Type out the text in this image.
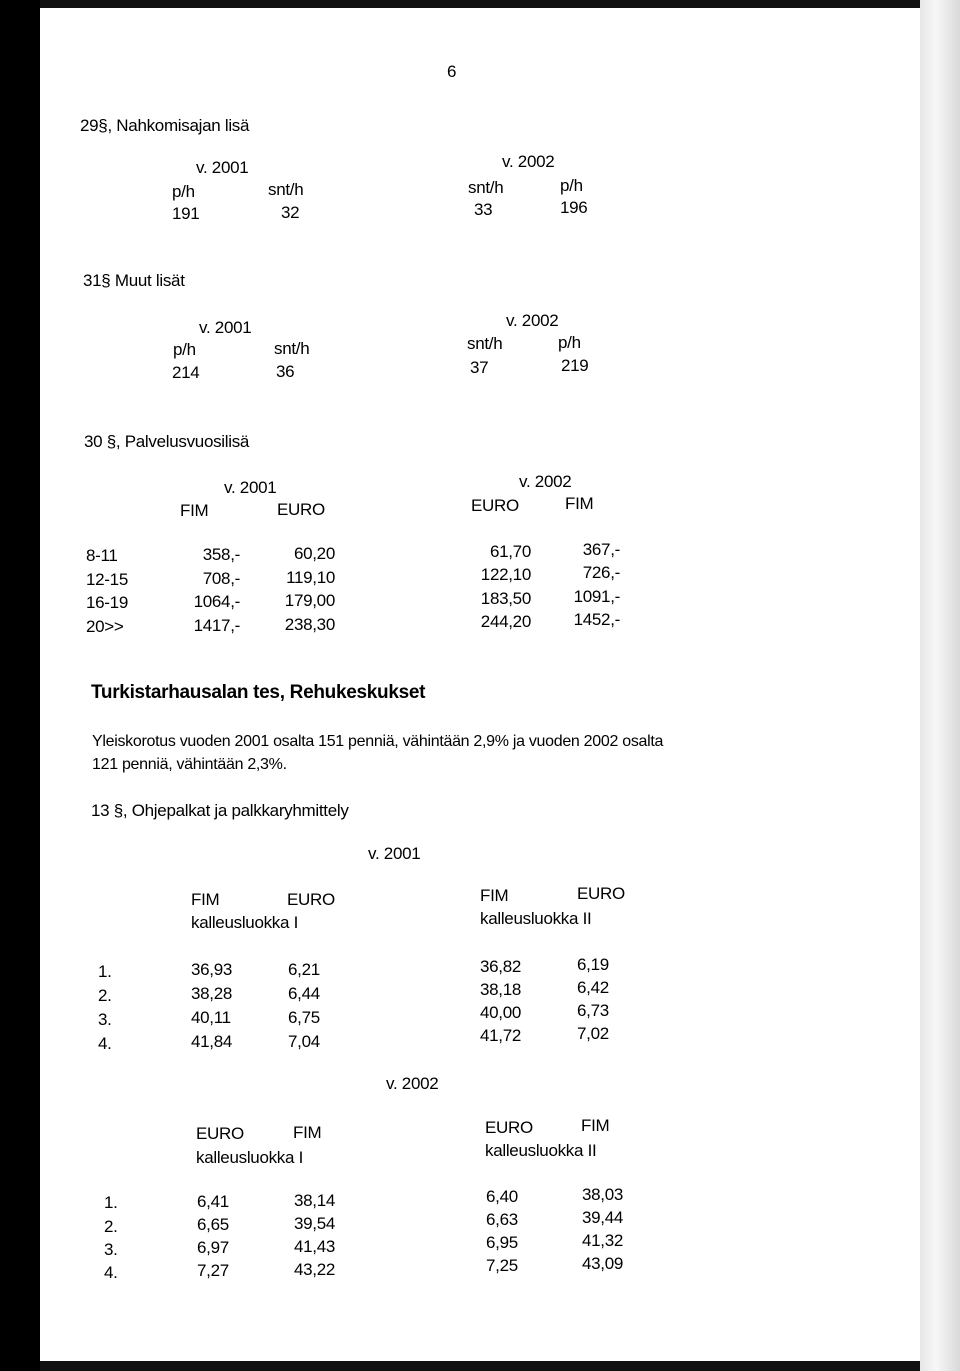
6
29§, Nahkomisajan lisä
v. 2001	v. 2002
p/h	snt/h	snt/h	p/h
191	32	33	196
31§ Muut lisät
v. 2001	v. 2002
p/h	snt/h	snt/h	p/h
214	36	37	219
30 §, Palvelusvuosilisä
v. 2001	v. 2002
FIM	EURO	EURO	FIM
8-11	358,-	60,20	61,70	367,-
12-15	708,-	119,10	122,10	726,-
16-19	1064,-	179,00	183,50	1091,-
20>>	1417,-	238,30	244,20	1452,-
Turkistarhausalan tes, Rehukeskukset
Yleiskorotus vuoden 2001 osalta 151 penniä, vähintään 2,9% ja vuoden 2002 osalta
121 penniä, vähintään 2,3%.
13 §, Ohjepalkat ja palkkaryhmittely
v. 2001
FIM	EURO	FIM	EURO
kalleusluokka I	kalleusluokka II
1.	36,93	6,21	36,82	6,19
2.	38,28	6,44	38,18	6,42
3.	40,11	6,75	40,00	6,73
4.	41,84	7,04	41,72	7,02
v. 2002
EURO	FIM	EURO	FIM
kalleusluokka I	kalleusluokka II
1.	6,41	38,14	6,40	38,03
2.	6,65	39,54	6,63	39,44
3.	6,97	41,43	6,95	41,32
4.	7,27	43,22	7,25	43,09
